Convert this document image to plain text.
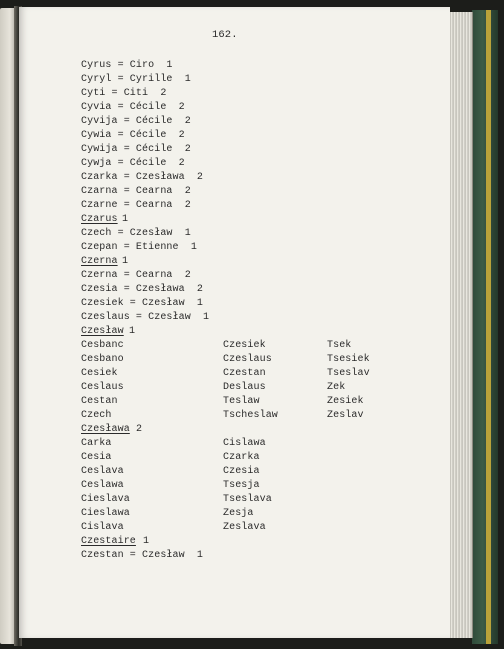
162.
Cyrus = Ciro  1
Cyryl = Cyrille  1
Cyti = Citi  2
Cyvia = Cécile  2
Cyvija = Cécile  2
Cywia = Cécile  2
Cywija = Cécile  2
Cywja = Cécile  2
Czarka = Czesława  2
Czarna = Cearna  2
Czarne = Cearna  2
Czarus 1
Czech = Czesław  1
Czepan = Etienne  1
Czerna 1
Czerna = Cearna  2
Czesia = Czesława  2
Czesiek = Czesław  1
Czeslaus = Czesław  1
Czesław 1
Cesbanc
Cesbano
Cesiek
Ceslaus
Cestan
Czech
Czesiek
Czeslaus
Czestan
Deslaus
Teslaw
Tscheslaw
Tsek
Tsesiek
Tseslav
Zek
Zesiek
Zeslav
Czesława 2
Carka
Cesia
Ceslava
Ceslawa
Cieslava
Cieslawa
Cislava
Cislawa
Czarka
Czesia
Tsesja
Tseslava
Zesja
Zeslava
Czestaire 1
Czestan = Czesław  1
